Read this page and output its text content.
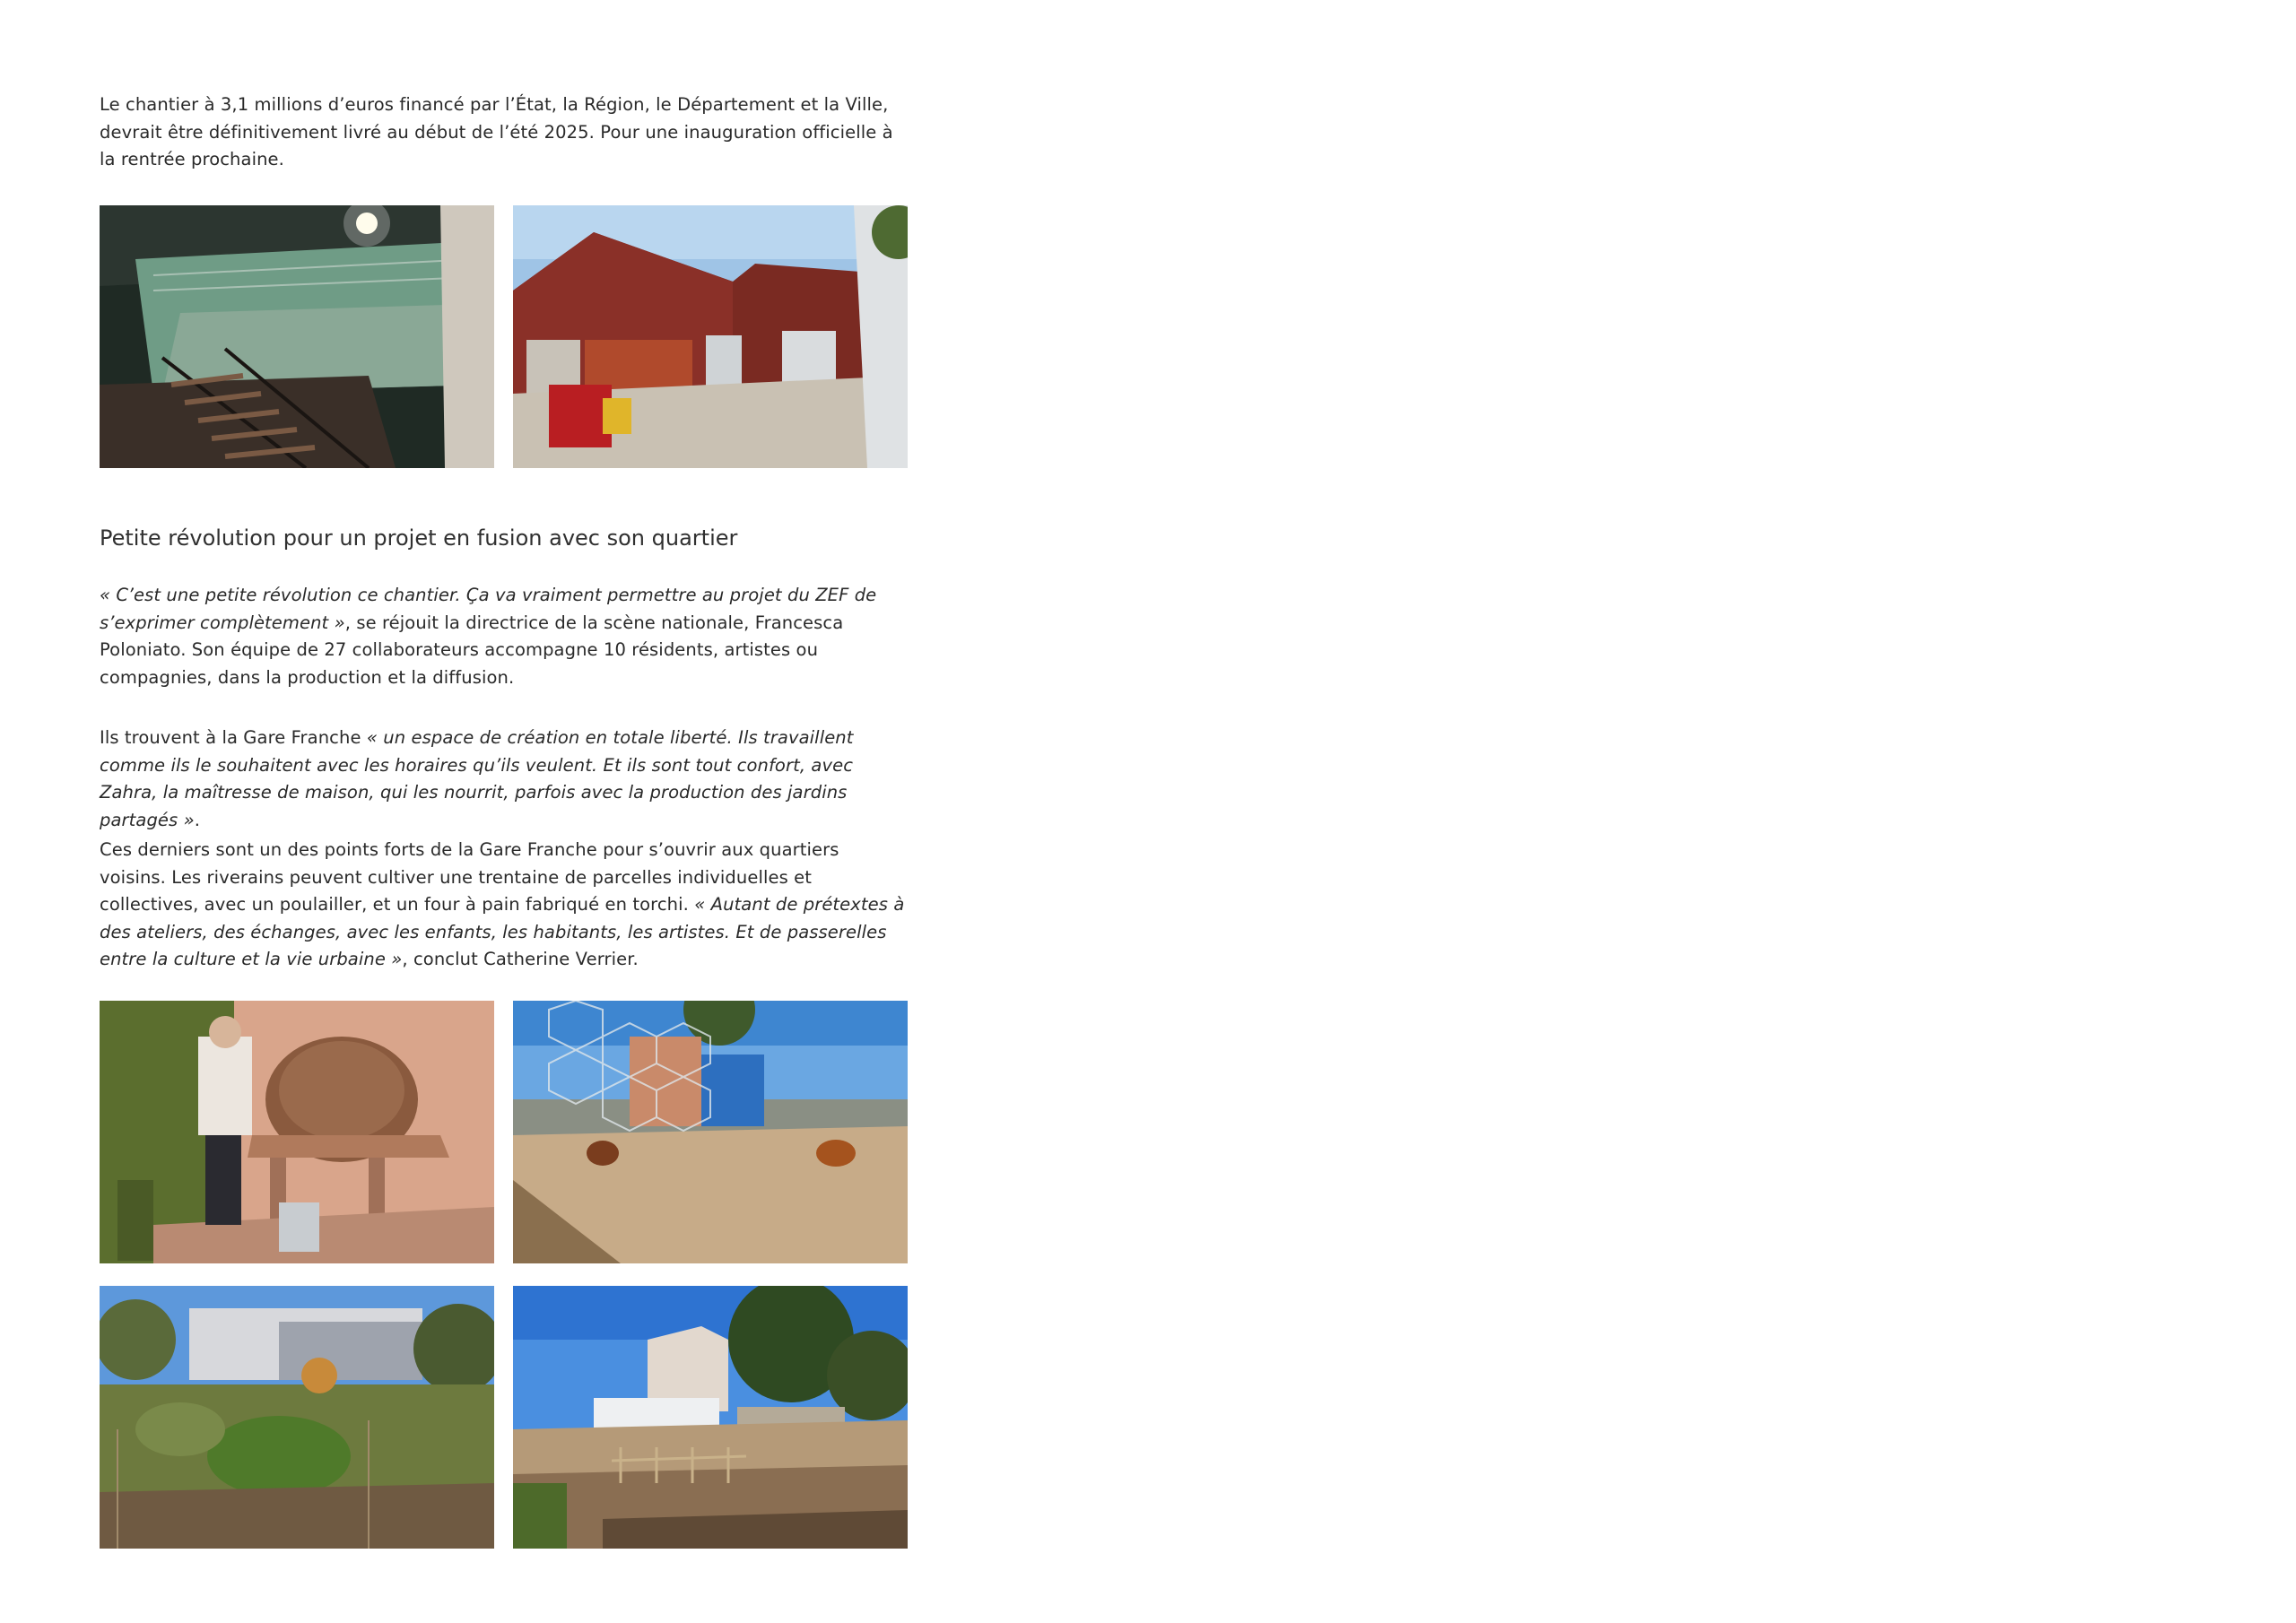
Le chantier à 3,1 millions d’euros financé par l’État, la Région, le Département et la Ville, devrait être définitivement livré au début de l’été 2025. Pour une inauguration officielle à la rentrée prochaine.

Petite révolution pour un projet en fusion avec son quartier

« C’est une petite révolution ce chantier. Ça va vraiment permettre au projet du ZEF de s’exprimer complètement », se réjouit la directrice de la scène nationale, Francesca Poloniato. Son équipe de 27 collaborateurs accompagne 10 résidents, artistes ou compagnies, dans la production et la diffusion.

Ils trouvent à la Gare Franche « un espace de création en totale liberté. Ils travaillent comme ils le souhaitent avec les horaires qu’ils veulent. Et ils sont tout confort, avec Zahra, la maîtresse de maison, qui les nourrit, parfois avec la production des jardins partagés ».

Ces derniers sont un des points forts de la Gare Franche pour s’ouvrir aux quartiers voisins. Les riverains peuvent cultiver une trentaine de parcelles individuelles et collectives, avec un poulailler, et un four à pain fabriqué en torchi. « Autant de prétextes à des ateliers, des échanges, avec les enfants, les habitants, les artistes. Et de passerelles entre la culture et la vie urbaine », conclut Catherine Verrier.
